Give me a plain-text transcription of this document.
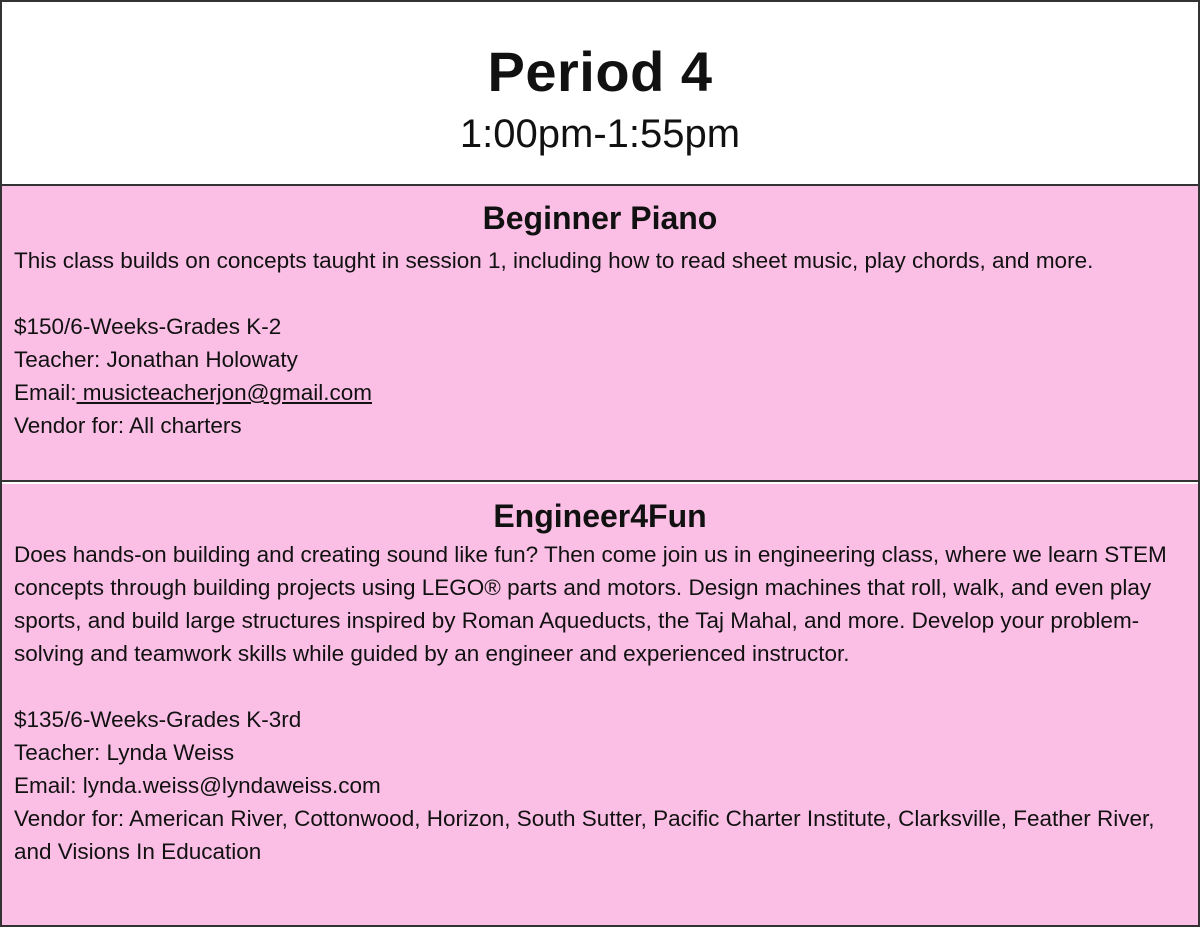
Period 4
1:00pm-1:55pm
Beginner Piano
This class builds on concepts taught in session 1, including how to read sheet music, play chords, and more.
$150/6-Weeks-Grades K-2
Teacher: Jonathan Holowaty
Email: musicteacherjon@gmail.com
Vendor for: All charters
Engineer4Fun
Does hands-on building and creating sound like fun? Then come join us in engineering class, where we learn STEM concepts through building projects using LEGO® parts and motors. Design machines that roll, walk, and even play sports, and build large structures inspired by Roman Aqueducts, the Taj Mahal, and more. Develop your problem-solving and teamwork skills while guided by an engineer and experienced instructor.
$135/6-Weeks-Grades K-3rd
Teacher: Lynda Weiss
Email: lynda.weiss@lyndaweiss.com
Vendor for: American River, Cottonwood, Horizon, South Sutter, Pacific Charter Institute, Clarksville, Feather River, and Visions In Education
